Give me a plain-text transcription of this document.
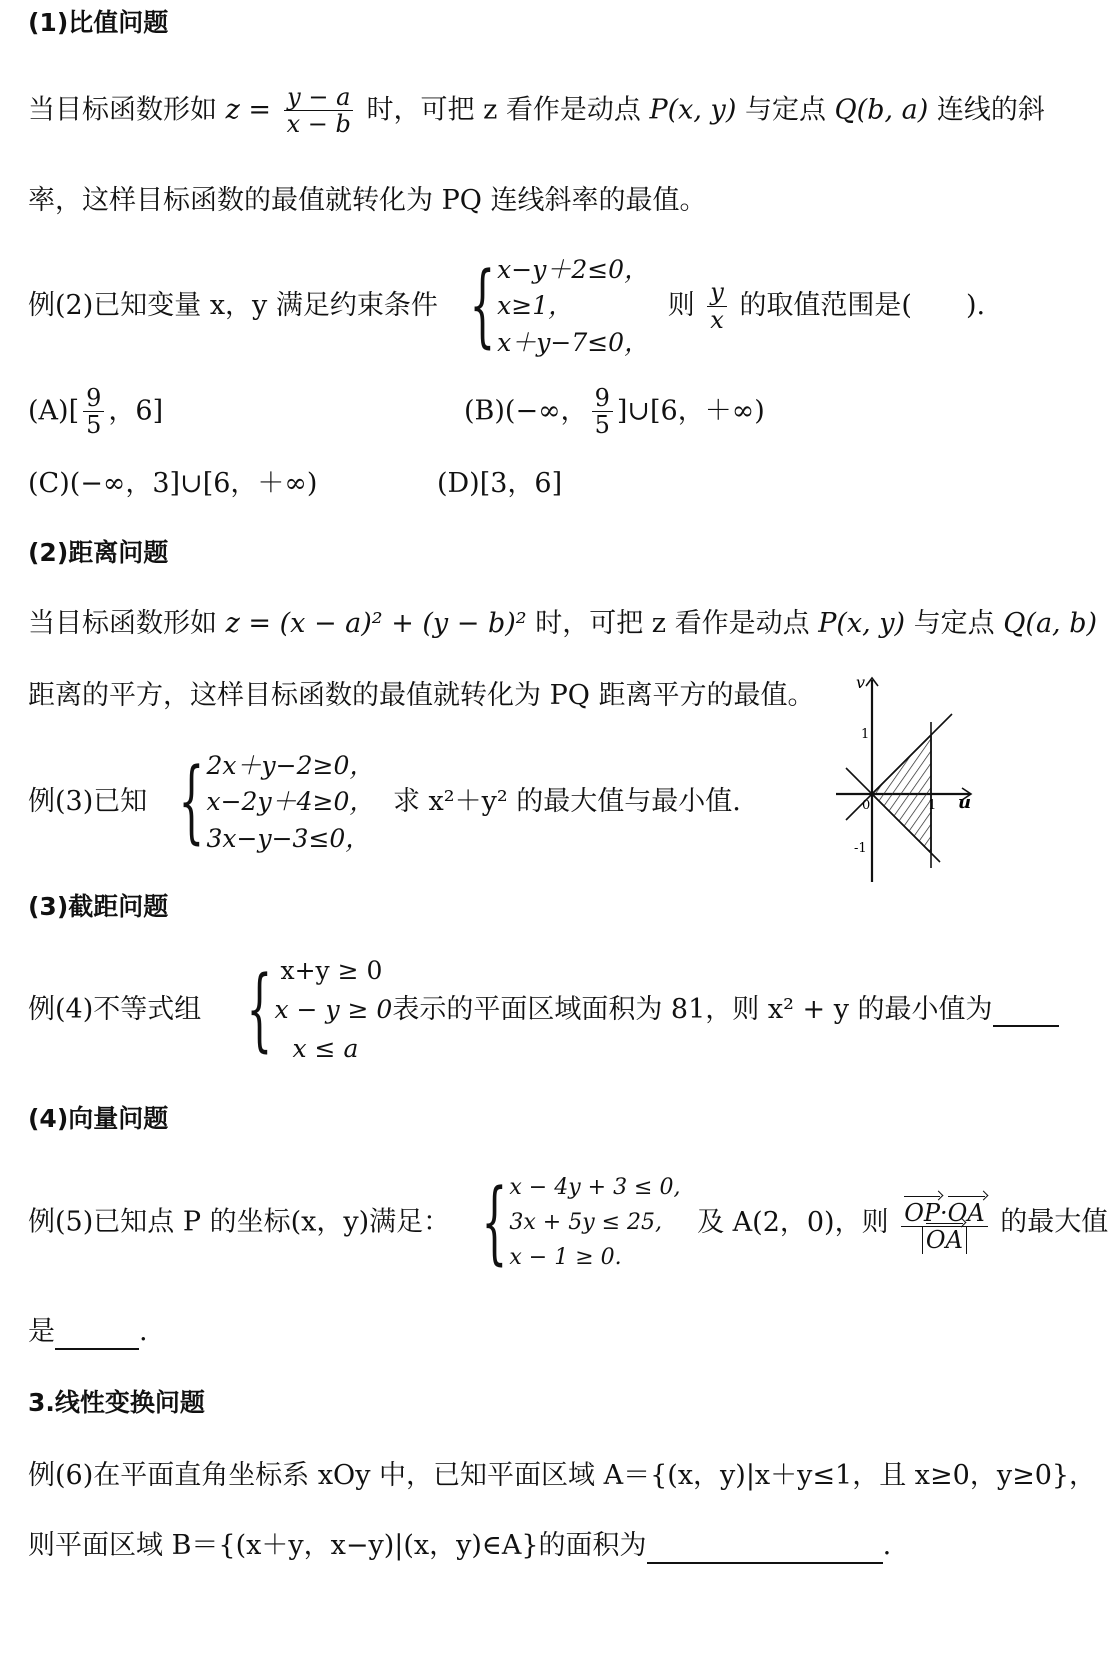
(1)比值问题
当目标函数形如 $z = \frac{y - a}{x - b}$ 时，可把 z 看作是动点 P(x, y) 与定点 Q(b, a) 连线的斜
率，这样目标函数的最值就转化为 PQ 连线斜率的最值。
例(2)已知变量 x，y 满足约束条件 { x−y＋2≤0，
x≥1，
x＋y−7≤0，
则 $\frac{y}{x}$ 的取值范围是(　　).
$(A)[ \frac{9}{5}$ ，6]	(B)(−∞， $\frac{9}{5}$ ]∪[6，＋∞)
(C)(−∞，3]∪[6，＋∞)	(D)[3，6]
(2)距离问题
当目标函数形如 z = (x − a)² + (y − b)² 时，可把 z 看作是动点 P(x, y) 与定点 Q(a, b)
距离的平方，这样目标函数的最值就转化为 PQ 距离平方的最值。
例(3)已知 { 2x＋y−2≥0，
x−2y＋4≥0，
3x−y−3≤0，
求 x²＋y² 的最大值与最小值.
v
u
1
1
-1
0
(3)截距问题
例(4)不等式组 { x+y ≥ 0
x − y ≥ 0
x ≤ a
表示的平面区域面积为 81，则 x² + y 的最小值为
(4)向量问题
例(5)已知点 P 的坐标(x，y)满足： { x − 4y + 3 ≤ 0,
3x + 5y ≤ 25,
x − 1 ≥ 0.
及 A(2，0)，则 $\frac{OP\cdot OA}{OA}$ 的最大值
是	.
3.线性变换问题
例(6)在平面直角坐标系 xOy 中，已知平面区域 A＝{(x，y)|x＋y≤1，且 x≥0，y≥0}，
则平面区域 B＝{(x＋y，x−y)|(x，y)∈A}的面积为	.
